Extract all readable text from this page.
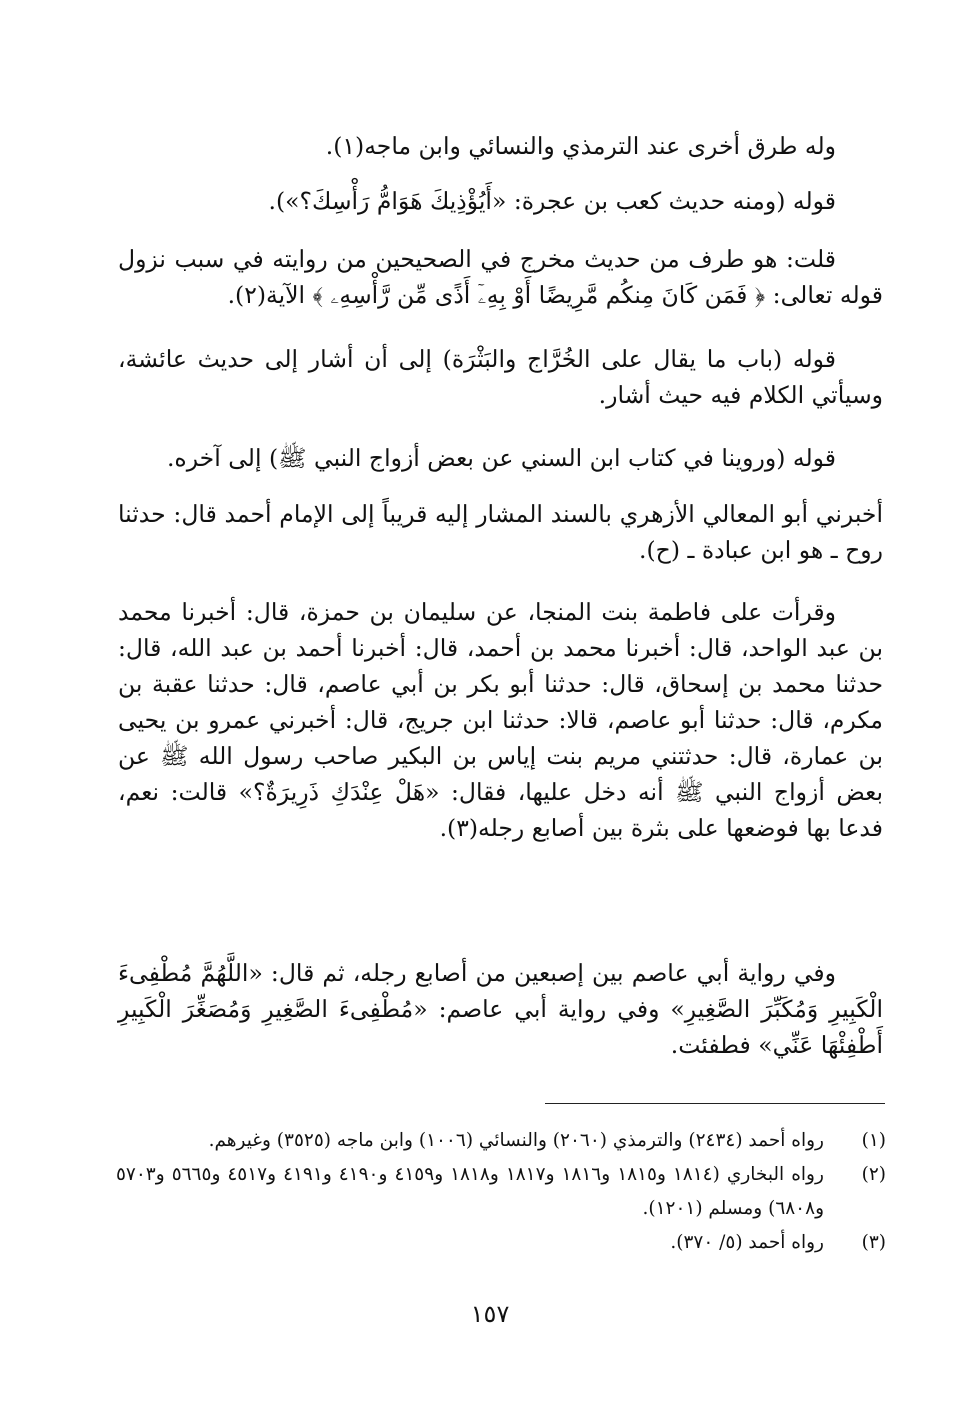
وله طرق أخرى عند الترمذي والنسائي وابن ماجه(١).

قوله (ومنه حديث كعب بن عجرة: «أَيُؤْذِيكَ هَوَامُّ رَأْسِكَ؟»).

قلت: هو طرف من حديث مخرج في الصحيحين من روايته في سبب نزول قوله تعالى: ﴿ فَمَن كَانَ مِنكُم مَّرِيضًا أَوْ بِهِۦٓ أَذًى مِّن رَّأْسِهِۦ ﴾ الآية(٢).

قوله (باب ما يقال على الخُرَّاج والبَثْرَة) إلى أن أشار إلى حديث عائشة، وسيأتي الكلام فيه حيث أشار.

قوله (وروينا في كتاب ابن السني عن بعض أزواج النبي ﷺ) إلى آخره.

أخبرني أبو المعالي الأزهري بالسند المشار إليه قريباً إلى الإمام أحمد قال: حدثنا روح ـ هو ابن عبادة ـ (ح).

وقرأت على فاطمة بنت المنجا، عن سليمان بن حمزة، قال: أخبرنا محمد بن عبد الواحد، قال: أخبرنا محمد بن أحمد، قال: أخبرنا أحمد بن عبد الله، قال: حدثنا محمد بن إسحاق، قال: حدثنا أبو بكر بن أبي عاصم، قال: حدثنا عقبة بن مكرم، قال: حدثنا أبو عاصم، قالا: حدثنا ابن جريج، قال: أخبرني عمرو بن يحيى بن عمارة، قال: حدثتني مريم بنت إياس بن البكير صاحب رسول الله ﷺ عن بعض أزواج النبي ﷺ أنه دخل عليها، فقال: «هَلْ عِنْدَكِ ذَرِيرَةٌ؟» قالت: نعم، فدعا بها فوضعها على بثرة بين أصابع رجله(٣).

وفي رواية أبي عاصم بين إصبعين من أصابع رجله، ثم قال: «اللَّهُمَّ مُطْفِىءَ الْكَبِيرِ وَمُكَبِّرَ الصَّغِيرِ» وفي رواية أبي عاصم: «مُطْفِىءَ الصَّغِيرِ وَمُصَغِّرَ الْكَبِيرِ أَطْفِئْهَا عَنِّي» فطفئت.

(١)
رواه أحمد (٢٤٣٤) والترمذي (٢٠٦٠) والنسائي (١٠٠٦) وابن ماجه (٣٥٢٥) وغيرهم.
(٢)
رواه البخاري (١٨١٤ و١٨١٥ و١٨١٦ و١٨١٧ و١٨١٨ و٤١٥٩ و٤١٩٠ و٤١٩١ و٤٥١٧ و٥٦٦٥ و٥٧٠٣ و٦٨٠٨) ومسلم (١٢٠١).
(٣)
رواه أحمد (٥/ ٣٧٠).
١٥٧
